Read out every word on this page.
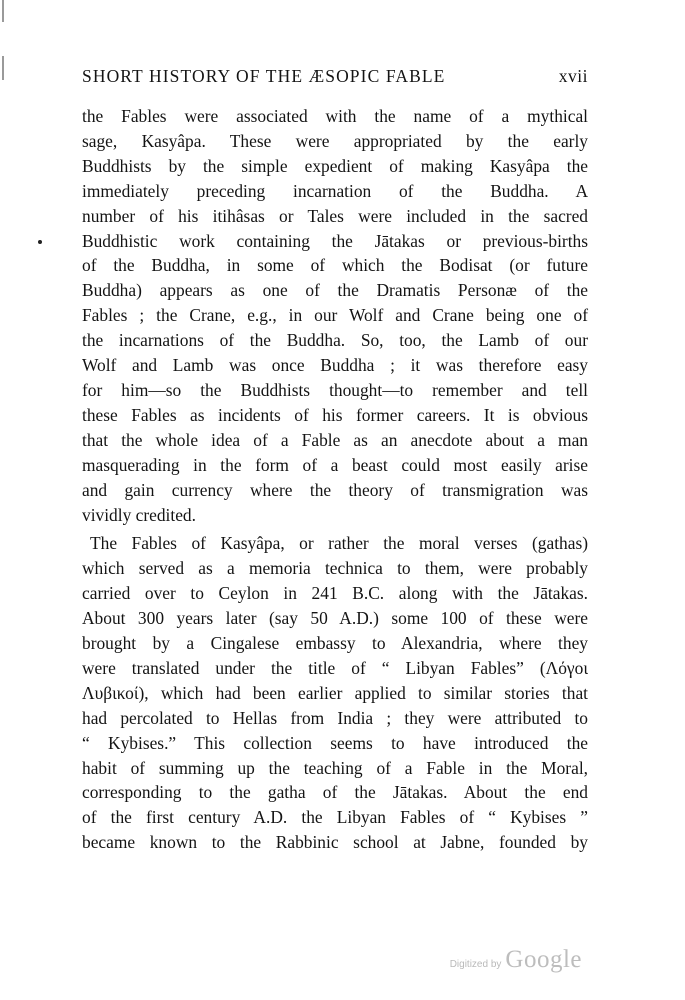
SHORT HISTORY OF THE ÆSOPIC FABLE	xvii
the Fables were associated with the name of a mythical
sage, Kasyâpa. These were appropriated by the early
Buddhists by the simple expedient of making Kasyâpa the
immediately preceding incarnation of the Buddha. A
number of his itihâsas or Tales were included in the sacred
Buddhistic work containing the Jātakas or previous-births
of the Buddha, in some of which the Bodisat (or future
Buddha) appears as one of the Dramatis Personæ of the
Fables ; the Crane, e.g., in our Wolf and Crane being one of
the incarnations of the Buddha. So, too, the Lamb of our
Wolf and Lamb was once Buddha ; it was therefore easy
for him—so the Buddhists thought—to remember and tell
these Fables as incidents of his former careers. It is obvious
that the whole idea of a Fable as an anecdote about a man
masquerading in the form of a beast could most easily arise
and gain currency where the theory of transmigration was
vividly credited.
The Fables of Kasyâpa, or rather the moral verses (gathas)
which served as a memoria technica to them, were probably
carried over to Ceylon in 241 B.C. along with the Jātakas.
About 300 years later (say 50 A.D.) some 100 of these were
brought by a Cingalese embassy to Alexandria, where they
were translated under the title of “ Libyan Fables” (Λόγοι
Λυβικοί), which had been earlier applied to similar stories that
had percolated to Hellas from India ; they were attributed to
“ Kybises.” This collection seems to have introduced the
habit of summing up the teaching of a Fable in the Moral,
corresponding to the gatha of the Jātakas. About the end
of the first century A.D. the Libyan Fables of “ Kybises ”
became known to the Rabbinic school at Jabne, founded by
Digitized by Google
